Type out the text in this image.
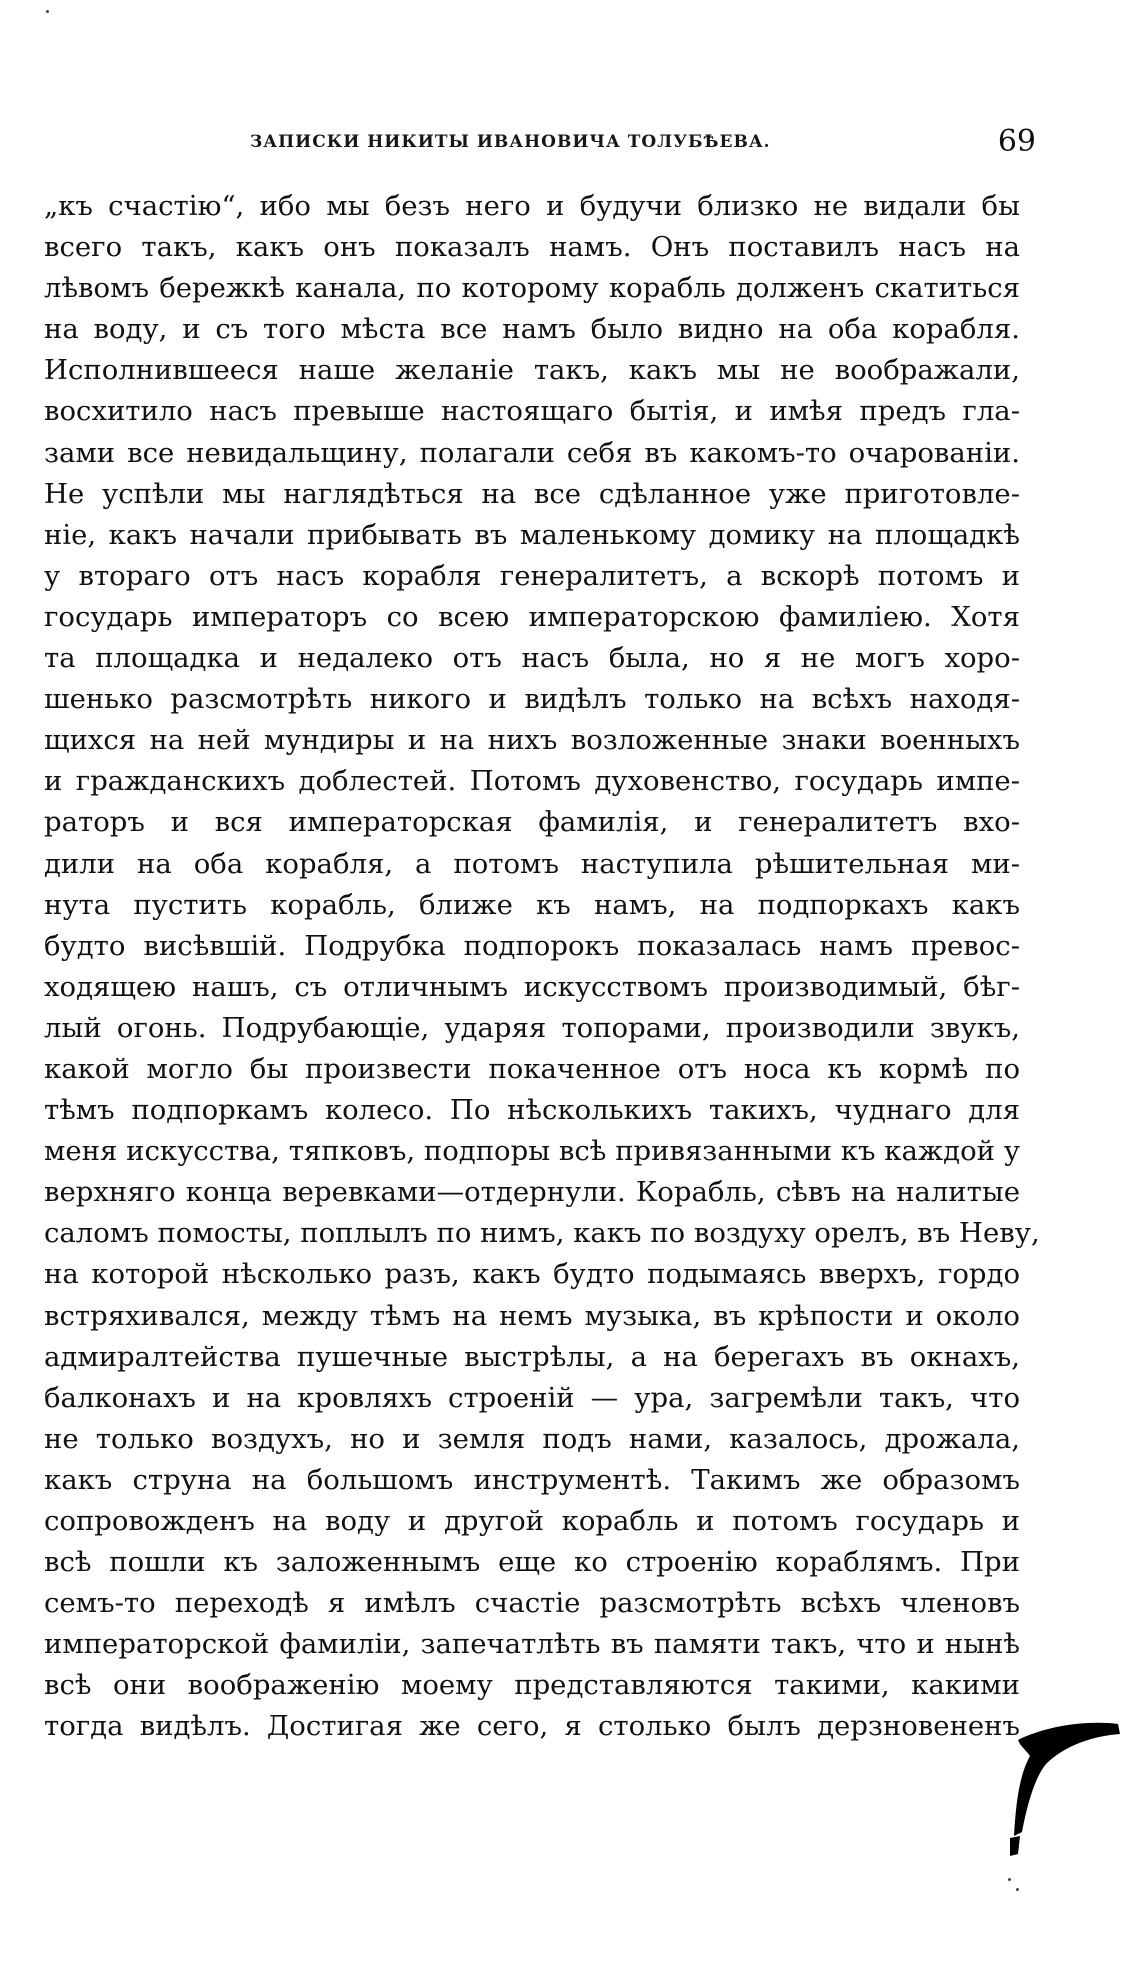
ЗАПИСКИ НИКИТЫ ИВАНОВИЧА ТОЛУБѢЕВА.	69
„къ счастію“, ибо мы безъ него и будучи близко не видали бы
всего такъ, какъ онъ показалъ намъ. Онъ поставилъ насъ на
лѣвомъ бережкѣ канала, по которому корабль долженъ скатиться
на воду, и съ того мѣста все намъ было видно на оба корабля.
Исполнившееся наше желаніе такъ, какъ мы не воображали,
восхитило насъ превыше настоящаго бытія, и имѣя предъ гла-
зами все невидальщину, полагали себя въ какомъ-то очарованіи.
Не успѣли мы наглядѣться на все сдѣланное уже приготовле-
ніе, какъ начали прибывать въ маленькому домику на площадкѣ
у втораго отъ насъ корабля генералитетъ, а вскорѣ потомъ и
государь императоръ со всею императорскою фамиліею. Хотя
та площадка и недалеко отъ насъ была, но я не могъ хоро-
шенько разсмотрѣть никого и видѣлъ только на всѣхъ находя-
щихся на ней мундиры и на нихъ возложенные знаки военныхъ
и гражданскихъ доблестей. Потомъ духовенство, государь импе-
раторъ и вся императорская фамилія, и генералитетъ вхо-
дили на оба корабля, а потомъ наступила рѣшительная ми-
нута пустить корабль, ближе къ намъ, на подпоркахъ какъ
будто висѣвшій. Подрубка подпорокъ показалась намъ превос-
ходящею нашъ, съ отличнымъ искусствомъ производимый, бѣг-
лый огонь. Подрубающіе, ударяя топорами, производили звукъ,
какой могло бы произвести покаченное отъ носа къ кормѣ по
тѣмъ подпоркамъ колесо. По нѣсколькихъ такихъ, чуднаго для
меня искусства, тяпковъ, подпоры всѣ привязанными къ каждой у
верхняго конца веревками—отдернули. Корабль, сѣвъ на налитые
саломъ помосты, поплылъ по нимъ, какъ по воздуху орелъ, въ Неву,
на которой нѣсколько разъ, какъ будто подымаясь вверхъ, гордо
встряхивался, между тѣмъ на немъ музыка, въ крѣпости и около
адмиралтейства пушечные выстрѣлы, а на берегахъ въ окнахъ,
балконахъ и на кровляхъ строеній — ура, загремѣли такъ, что
не только воздухъ, но и земля подъ нами, казалось, дрожала,
какъ струна на большомъ инструментѣ. Такимъ же образомъ
сопровожденъ на воду и другой корабль и потомъ государь и
всѣ пошли къ заложеннымъ еще ко строенію кораблямъ. При
семъ-то переходѣ я имѣлъ счастіе разсмотрѣть всѣхъ членовъ
императорской фамиліи, запечатлѣть въ памяти такъ, что и нынѣ
всѣ они воображенію моему представляются такими, какими
тогда видѣлъ. Достигая же сего, я столько былъ дерзновененъ
